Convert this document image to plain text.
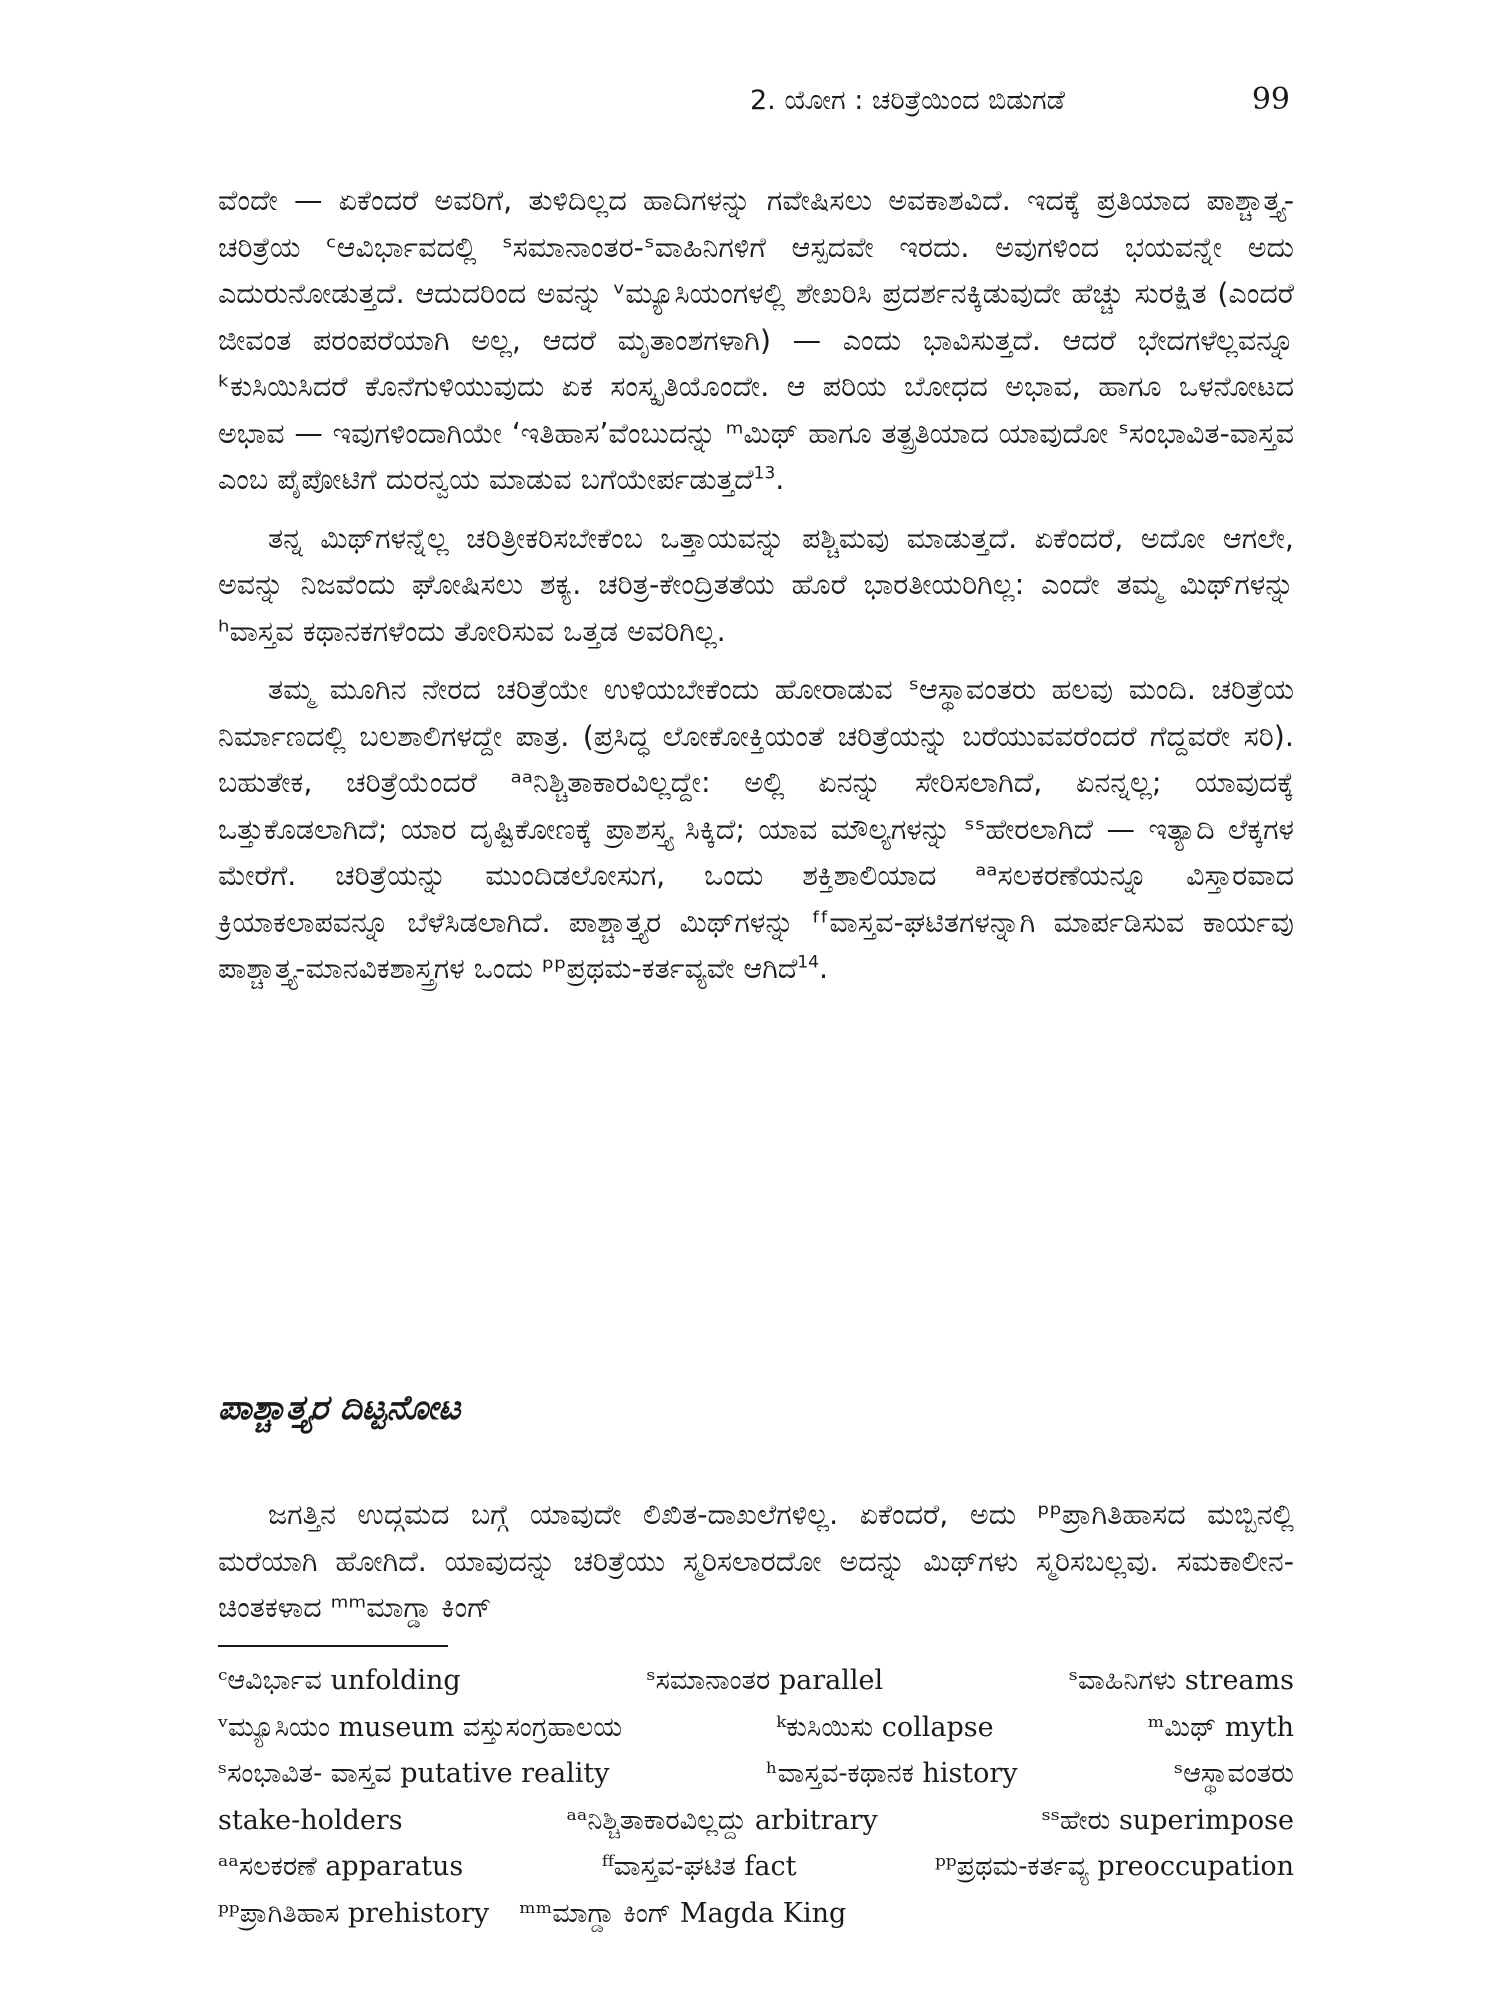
2. ಯೋಗ : ಚರಿತ್ರೆಯಿಂದ ಬಿಡುಗಡೆ	99

ವೆಂದೇ — ಏಕೆಂದರೆ ಅವರಿಗೆ, ತುಳಿದಿಲ್ಲದ ಹಾದಿಗಳನ್ನು ಗವೇಷಿಸಲು ಅವಕಾಶವಿದೆ. ಇದಕ್ಕೆ ಪ್ರತಿಯಾದ ಪಾಶ್ಚಾತ್ತ್ಯ-ಚರಿತ್ರೆಯ ᶜಆವಿರ್ಭಾವದಲ್ಲಿ ˢಸಮಾನಾಂತರ-ˢವಾಹಿನಿಗಳಿಗೆ ಆಸ್ಪದವೇ ಇರದು. ಅವುಗಳಿಂದ ಭಯವನ್ನೇ ಅದು ಎದುರುನೋಡುತ್ತದೆ. ಆದುದರಿಂದ ಅವನ್ನು ᵛಮ್ಯೂಸಿಯಂಗಳಲ್ಲಿ ಶೇಖರಿಸಿ ಪ್ರದರ್ಶನಕ್ಕಿಡುವುದೇ ಹೆಚ್ಚು ಸುರಕ್ಷಿತ (ಎಂದರೆ ಜೀವಂತ ಪರಂಪರೆಯಾಗಿ ಅಲ್ಲ, ಆದರೆ ಮೃತಾಂಶಗಳಾಗಿ) — ಎಂದು ಭಾವಿಸುತ್ತದೆ. ಆದರೆ ಭೇದಗಳೆಲ್ಲವನ್ನೂ ᵏಕುಸಿಯಿಸಿದರೆ ಕೊನೆಗುಳಿಯುವುದು ಏಕ ಸಂಸ್ಕೃತಿಯೊಂದೇ. ಆ ಪರಿಯ ಬೋಧದ ಅಭಾವ, ಹಾಗೂ ಒಳನೋಟದ ಅಭಾವ — ಇವುಗಳಿಂದಾಗಿಯೇ ‘ಇತಿಹಾಸ’ವೆಂಬುದನ್ನು ᵐಮಿಥ್ ಹಾಗೂ ತತ್ಪ್ರತಿಯಾದ ಯಾವುದೋ ˢಸಂಭಾವಿತ-ವಾಸ್ತವ ಎಂಬ ಪೈಪೋಟಿಗೆ ದುರನ್ವಯ ಮಾಡುವ ಬಗೆಯೇರ್ಪಡುತ್ತದೆ$^{13}$.

ತನ್ನ ಮಿಥ್‌ಗಳನ್ನೆಲ್ಲ ಚರಿತ್ರೀಕರಿಸಬೇಕೆಂಬ ಒತ್ತಾಯವನ್ನು ಪಶ್ಚಿಮವು ಮಾಡುತ್ತದೆ. ಏಕೆಂದರೆ, ಅದೋ ಆಗಲೇ, ಅವನ್ನು ನಿಜವೆಂದು ಘೋಷಿಸಲು ಶಕ್ಯ. ಚರಿತ್ರ-ಕೇಂದ್ರಿತತೆಯ ಹೊರೆ ಭಾರತೀಯರಿಗಿಲ್ಲ: ಎಂದೇ ತಮ್ಮ ಮಿಥ್‌ಗಳನ್ನು ʰವಾಸ್ತವ ಕಥಾನಕಗಳೆಂದು ತೋರಿಸುವ ಒತ್ತಡ ಅವರಿಗಿಲ್ಲ.

ತಮ್ಮ ಮೂಗಿನ ನೇರದ ಚರಿತ್ರೆಯೇ ಉಳಿಯಬೇಕೆಂದು ಹೋರಾಡುವ ˢಆಸ್ಥಾವಂತರು ಹಲವು ಮಂದಿ. ಚರಿತ್ರೆಯ ನಿರ್ಮಾಣದಲ್ಲಿ ಬಲಶಾಲಿಗಳದ್ದೇ ಪಾತ್ರ. (ಪ್ರಸಿದ್ಧ ಲೋಕೋಕ್ತಿಯಂತೆ ಚರಿತ್ರೆಯನ್ನು ಬರೆಯುವವರೆಂದರೆ ಗೆದ್ದವರೇ ಸರಿ). ಬಹುತೇಕ, ಚರಿತ್ರೆಯೆಂದರೆ ᵃᵃನಿಶ್ಚಿತಾಕಾರವಿಲ್ಲದ್ದೇ: ಅಲ್ಲಿ ಏನನ್ನು ಸೇರಿಸಲಾಗಿದೆ, ಏನನ್ನಲ್ಲ; ಯಾವುದಕ್ಕೆ ಒತ್ತುಕೊಡಲಾಗಿದೆ; ಯಾರ ದೃಷ್ಟಿಕೋಣಕ್ಕೆ ಪ್ರಾಶಸ್ತ್ಯ ಸಿಕ್ಕಿದೆ; ಯಾವ ಮೌಲ್ಯಗಳನ್ನು ˢˢಹೇರಲಾಗಿದೆ — ಇತ್ಯಾದಿ ಲೆಕ್ಕಗಳ ಮೇರೆಗೆ. ಚರಿತ್ರೆಯನ್ನು ಮುಂದಿಡಲೋಸುಗ, ಒಂದು ಶಕ್ತಿಶಾಲಿಯಾದ ᵃᵃಸಲಕರಣೆಯನ್ನೂ ವಿಸ್ತಾರವಾದ ಕ್ರಿಯಾಕಲಾಪವನ್ನೂ ಬೆಳೆಸಿಡಲಾಗಿದೆ. ಪಾಶ್ಚಾತ್ತ್ಯರ ಮಿಥ್‌ಗಳನ್ನು ᶠᶠವಾಸ್ತವ-ಘಟಿತಗಳನ್ನಾಗಿ ಮಾರ್ಪಡಿಸುವ ಕಾರ್ಯವು ಪಾಶ್ಚಾತ್ತ್ಯ-ಮಾನವಿಕಶಾಸ್ತ್ರಗಳ ಒಂದು ᵖᵖಪ್ರಥಮ-ಕರ್ತವ್ಯವೇ ಆಗಿದೆ$^{14}$.

ಪಾಶ್ಚಾತ್ತ್ಯರ ದಿಟ್ಟನೋಟ

ಜಗತ್ತಿನ ಉದ್ಗಮದ ಬಗ್ಗೆ ಯಾವುದೇ ಲಿಖಿತ-ದಾಖಲೆಗಳಿಲ್ಲ. ಏಕೆಂದರೆ, ಅದು ᵖᵖಪ್ರಾಗಿತಿಹಾಸದ ಮಬ್ಬಿನಲ್ಲಿ ಮರೆಯಾಗಿ ಹೋಗಿದೆ. ಯಾವುದನ್ನು ಚರಿತ್ರೆಯು ಸ್ಮರಿಸಲಾರದೋ ಅದನ್ನು ಮಿಥ್‌ಗಳು ಸ್ಮರಿಸಬಲ್ಲವು. ಸಮಕಾಲೀನ-ಚಿಂತಕಳಾದ ᵐᵐಮಾಗ್ಡಾ ಕಿಂಗ್

ᶜಆವಿರ್ಭಾವ unfolding	ˢಸಮಾನಾಂತರ parallel	ˢವಾಹಿನಿಗಳು streams
ᵛಮ್ಯೂಸಿಯಂ museum ವಸ್ತುಸಂಗ್ರಹಾಲಯ	ᵏಕುಸಿಯಿಸು collapse	ᵐಮಿಥ್ myth
ˢಸಂಭಾವಿತ- ವಾಸ್ತವ putative reality	ʰವಾಸ್ತವ-ಕಥಾನಕ history	ˢಆಸ್ಥಾವಂತರು
stake-holders	ᵃᵃನಿಶ್ಚಿತಾಕಾರವಿಲ್ಲದ್ದು arbitrary	ˢˢಹೇರು superimpose
ᵃᵃಸಲಕರಣೆ apparatus	ᶠᶠವಾಸ್ತವ-ಘಟಿತ fact	ᵖᵖಪ್ರಥಮ-ಕರ್ತವ್ಯ preoccupation
ᵖᵖಪ್ರಾಗಿತಿಹಾಸ prehistory ᵐᵐಮಾಗ್ಡಾ ಕಿಂಗ್ Magda King
